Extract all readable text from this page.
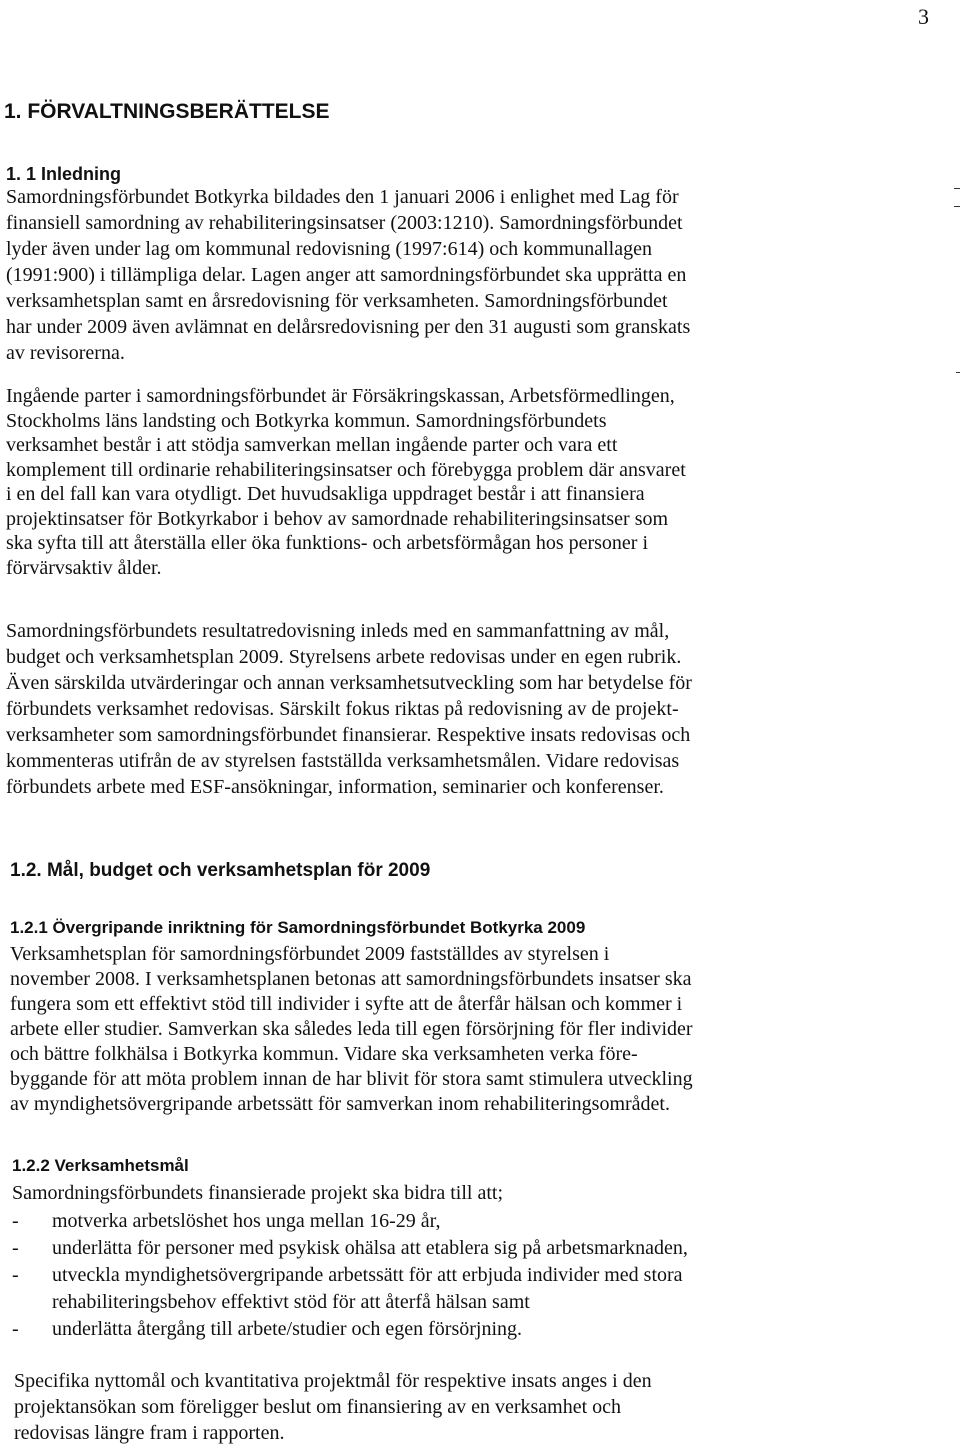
3
1. FÖRVALTNINGSBERÄTTELSE
1. 1 Inledning
Samordningsförbundet Botkyrka bildades den 1 januari 2006 i enlighet med Lag för
finansiell samordning av rehabiliteringsinsatser (2003:1210). Samordningsförbundet
lyder även under lag om kommunal redovisning (1997:614) och kommunallagen
(1991:900) i tillämpliga delar. Lagen anger att samordningsförbundet ska upprätta en
verksamhetsplan samt en årsredovisning för verksamheten. Samordningsförbundet
har under 2009 även avlämnat en delårsredovisning per den 31 augusti som granskats
av revisorerna.
Ingående parter i samordningsförbundet är Försäkringskassan, Arbetsförmedlingen,
Stockholms läns landsting och Botkyrka kommun. Samordningsförbundets
verksamhet består i att stödja samverkan mellan ingående parter och vara ett
komplement till ordinarie rehabiliteringsinsatser och förebygga problem där ansvaret
i en del fall kan vara otydligt. Det huvudsakliga uppdraget består i att finansiera
projektinsatser för Botkyrkabor i behov av samordnade rehabiliteringsinsatser som
ska syfta till att återställa eller öka funktions- och arbetsförmågan hos personer i
förvärvsaktiv ålder.
Samordningsförbundets resultatredovisning inleds med en sammanfattning av mål,
budget och verksamhetsplan 2009. Styrelsens arbete redovisas under en egen rubrik.
Även särskilda utvärderingar och annan verksamhetsutveckling som har betydelse för
förbundets verksamhet redovisas. Särskilt fokus riktas på redovisning av de projekt-
verksamheter som samordningsförbundet finansierar. Respektive insats redovisas och
kommenteras utifrån de av styrelsen fastställda verksamhetsmålen. Vidare redovisas
förbundets arbete med ESF-ansökningar, information, seminarier och konferenser.
1.2. Mål, budget och verksamhetsplan för 2009
1.2.1 Övergripande inriktning för Samordningsförbundet Botkyrka 2009
Verksamhetsplan för samordningsförbundet 2009 fastställdes av styrelsen i
november 2008. I verksamhetsplanen betonas att samordningsförbundets insatser ska
fungera som ett effektivt stöd till individer i syfte att de återfår hälsan och kommer i
arbete eller studier. Samverkan ska således leda till egen försörjning för fler individer
och bättre folkhälsa i Botkyrka kommun. Vidare ska verksamheten verka före-
byggande för att möta problem innan de har blivit för stora samt stimulera utveckling
av myndighetsövergripande arbetssätt för samverkan inom rehabiliteringsområdet.
1.2.2 Verksamhetsmål
Samordningsförbundets finansierade projekt ska bidra till att;
- motverka arbetslöshet hos unga mellan 16-29 år,
- underlätta för personer med psykisk ohälsa att etablera sig på arbetsmarknaden,
- utveckla myndighetsövergripande arbetssätt för att erbjuda individer med stora
rehabiliteringsbehov effektivt stöd för att återfå hälsan samt
- underlätta återgång till arbete/studier och egen försörjning.
Specifika nyttomål och kvantitativa projektmål för respektive insats anges i den
projektansökan som föreligger beslut om finansiering av en verksamhet och
redovisas längre fram i rapporten.
